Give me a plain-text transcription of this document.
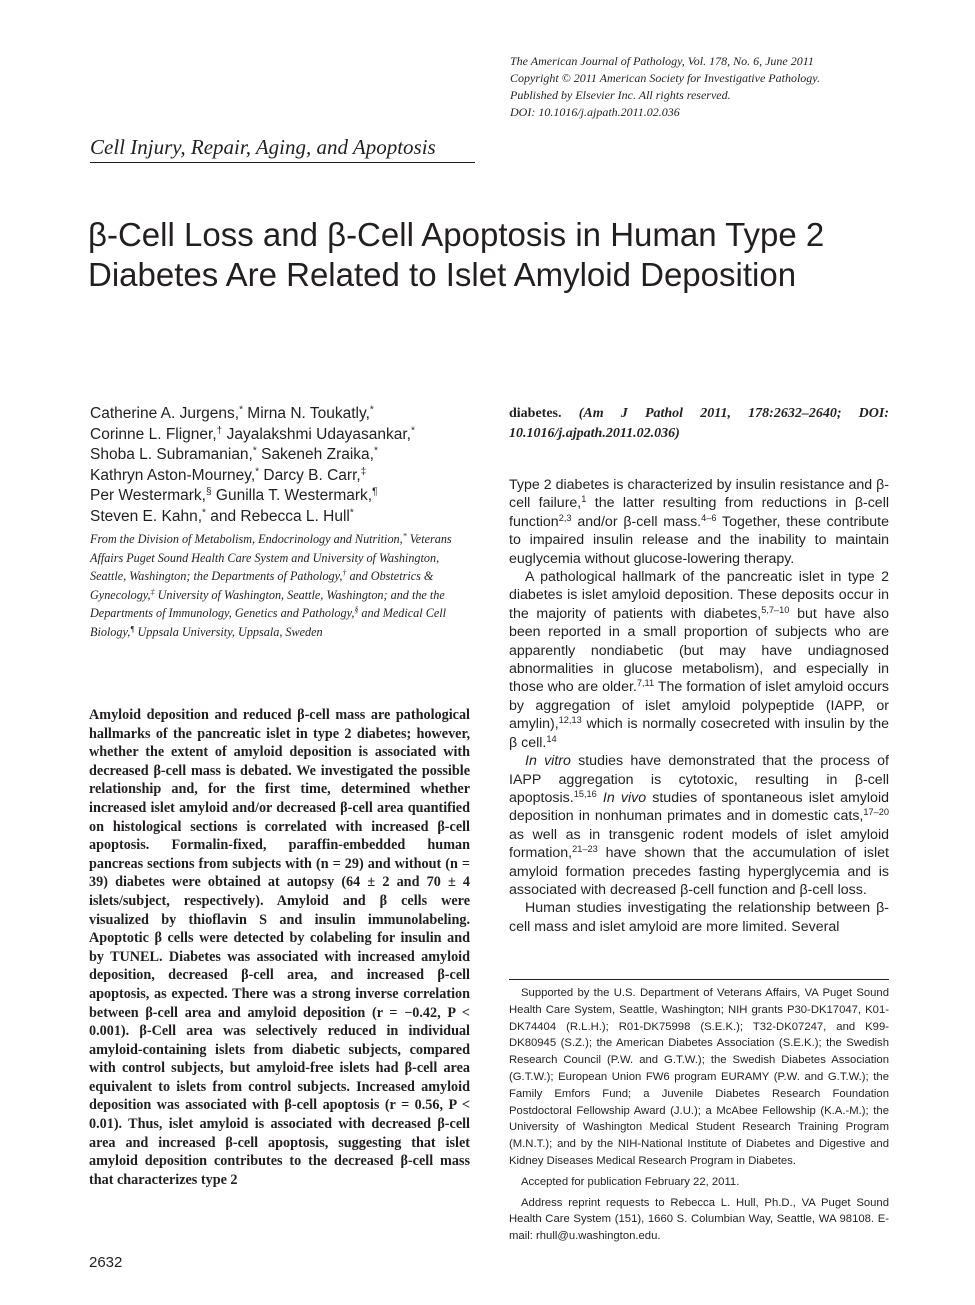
The American Journal of Pathology, Vol. 178, No. 6, June 2011
Copyright © 2011 American Society for Investigative Pathology.
Published by Elsevier Inc. All rights reserved.
DOI: 10.1016/j.ajpath.2011.02.036
Cell Injury, Repair, Aging, and Apoptosis
β-Cell Loss and β-Cell Apoptosis in Human Type 2
Diabetes Are Related to Islet Amyloid Deposition
Catherine A. Jurgens,* Mirna N. Toukatly,*
Corinne L. Fligner,† Jayalakshmi Udayasankar,*
Shoba L. Subramanian,* Sakeneh Zraika,*
Kathryn Aston-Mourney,* Darcy B. Carr,‡
Per Westermark,§ Gunilla T. Westermark,¶
Steven E. Kahn,* and Rebecca L. Hull*
From the Division of Metabolism, Endocrinology and Nutrition,* Veterans Affairs Puget Sound Health Care System and University of Washington, Seattle, Washington; the Departments of Pathology,† and Obstetrics & Gynecology,‡ University of Washington, Seattle, Washington; and the the Departments of Immunology, Genetics and Pathology,§ and Medical Cell Biology,¶ Uppsala University, Uppsala, Sweden
Amyloid deposition and reduced β-cell mass are pathological hallmarks of the pancreatic islet in type 2 diabetes; however, whether the extent of amyloid deposition is associated with decreased β-cell mass is debated. We investigated the possible relationship and, for the first time, determined whether increased islet amyloid and/or decreased β-cell area quantified on histological sections is correlated with increased β-cell apoptosis. Formalin-fixed, paraffin-embedded human pancreas sections from subjects with (n = 29) and without (n = 39) diabetes were obtained at autopsy (64 ± 2 and 70 ± 4 islets/subject, respectively). Amyloid and β cells were visualized by thioflavin S and insulin immunolabeling. Apoptotic β cells were detected by colabeling for insulin and by TUNEL. Diabetes was associated with increased amyloid deposition, decreased β-cell area, and increased β-cell apoptosis, as expected. There was a strong inverse correlation between β-cell area and amyloid deposition (r = −0.42, P < 0.001). β-Cell area was selectively reduced in individual amyloid-containing islets from diabetic subjects, compared with control subjects, but amyloid-free islets had β-cell area equivalent to islets from control subjects. Increased amyloid deposition was associated with β-cell apoptosis (r = 0.56, P < 0.01). Thus, islet amyloid is associated with decreased β-cell area and increased β-cell apoptosis, suggesting that islet amyloid deposition contributes to the decreased β-cell mass that characterizes type 2
diabetes. (Am J Pathol 2011, 178:2632–2640; DOI: 10.1016/j.ajpath.2011.02.036)

Type 2 diabetes is characterized by insulin resistance and β-cell failure,$^1$ the latter resulting from reductions in β-cell function$^{2,3}$ and/or β-cell mass.$^{4-6}$ Together, these contribute to impaired insulin release and the inability to maintain euglycemia without glucose-lowering therapy.

A pathological hallmark of the pancreatic islet in type 2 diabetes is islet amyloid deposition. These deposits occur in the majority of patients with diabetes,$^{5,7-10}$ but have also been reported in a small proportion of subjects who are apparently nondiabetic (but may have undiagnosed abnormalities in glucose metabolism), and especially in those who are older.$^{7,11}$ The formation of islet amyloid occurs by aggregation of islet amyloid polypeptide (IAPP, or amylin),$^{12,13}$ which is normally cosecreted with insulin by the β cell.$^{14}$

In vitro studies have demonstrated that the process of IAPP aggregation is cytotoxic, resulting in β-cell apoptosis.$^{15,16}$ In vivo studies of spontaneous islet amyloid deposition in nonhuman primates and in domestic cats,$^{17-20}$ as well as in transgenic rodent models of islet amyloid formation,$^{21-23}$ have shown that the accumulation of islet amyloid formation precedes fasting hyperglycemia and is associated with decreased β-cell function and β-cell loss.

Human studies investigating the relationship between β-cell mass and islet amyloid are more limited. Several

Supported by the U.S. Department of Veterans Affairs, VA Puget Sound Health Care System, Seattle, Washington; NIH grants P30-DK17047, K01-DK74404 (R.L.H.); R01-DK75998 (S.E.K.); T32-DK07247, and K99-DK80945 (S.Z.); the American Diabetes Association (S.E.K.); the Swedish Research Council (P.W. and G.T.W.); the Swedish Diabetes Association (G.T.W.); European Union FW6 program EURAMY (P.W. and G.T.W.); the Family Emfors Fund; a Juvenile Diabetes Research Foundation Postdoctoral Fellowship Award (J.U.); a McAbee Fellowship (K.A.-M.); the University of Washington Medical Student Research Training Program (M.N.T.); and by the NIH-National Institute of Diabetes and Digestive and Kidney Diseases Medical Research Program in Diabetes.

Accepted for publication February 22, 2011.

Address reprint requests to Rebecca L. Hull, Ph.D., VA Puget Sound Health Care System (151), 1660 S. Columbian Way, Seattle, WA 98108. E-mail: rhull@u.washington.edu.

2632
